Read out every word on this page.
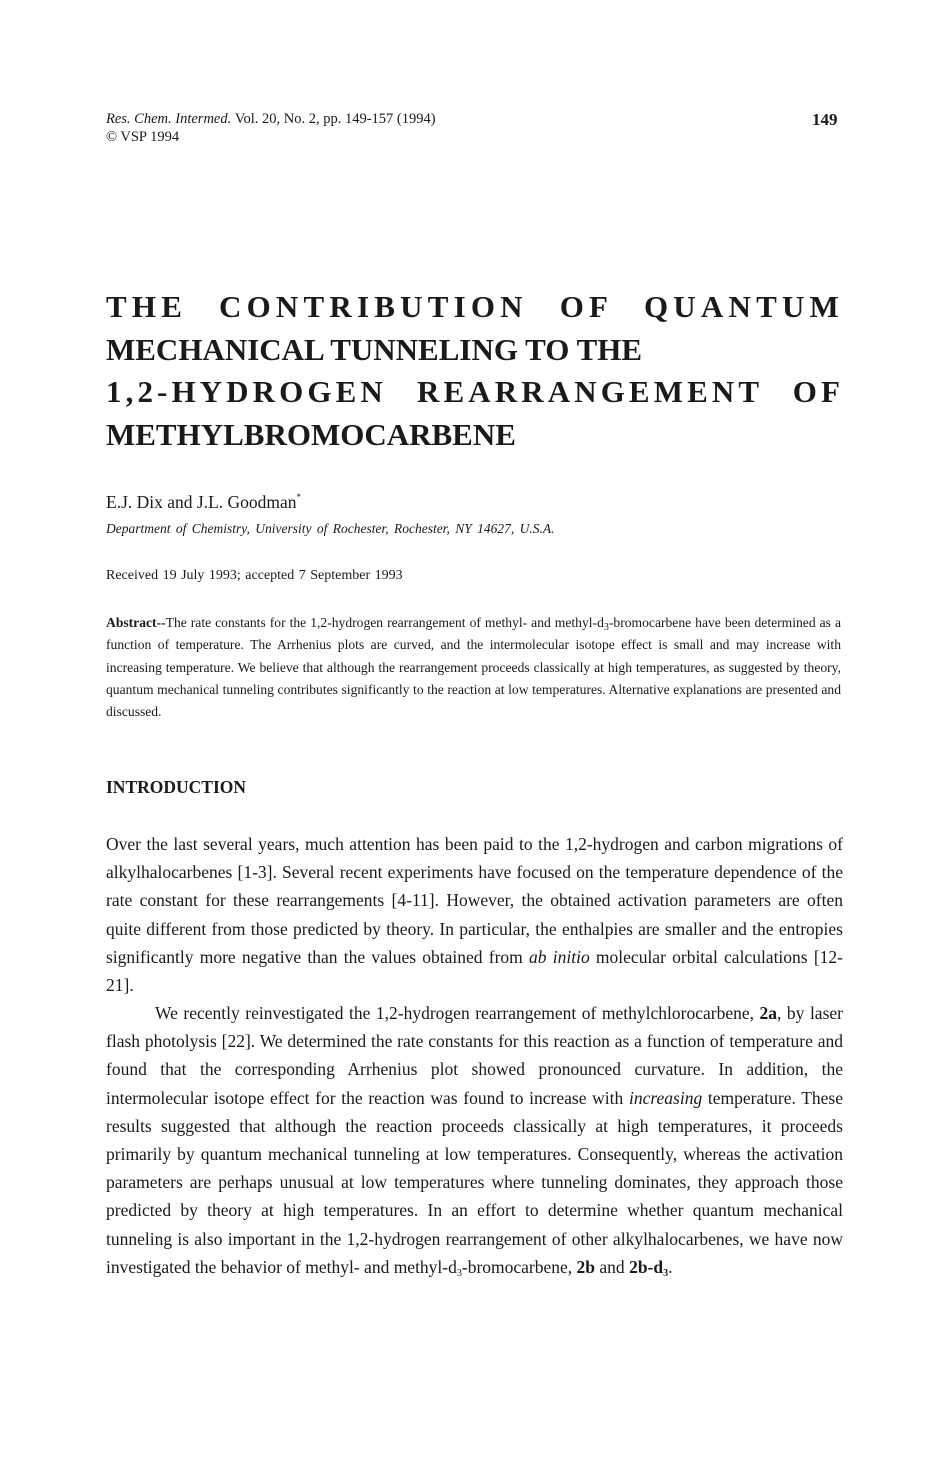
Res. Chem. Intermed. Vol. 20, No. 2, pp. 149-157 (1994)
© VSP 1994
149
THE CONTRIBUTION OF QUANTUM
MECHANICAL TUNNELING TO THE
1,2-HYDROGEN REARRANGEMENT OF
METHYLBROMOCARBENE
E.J. Dix and J.L. Goodman*
Department of Chemistry, University of Rochester, Rochester, NY 14627, U.S.A.
Received 19 July 1993; accepted 7 September 1993
Abstract--The rate constants for the 1,2-hydrogen rearrangement of methyl- and methyl-$d_3$-bromocarbene have been determined as a function of temperature. The Arrhenius plots are curved, and the intermolecular isotope effect is small and may increase with increasing temperature. We believe that although the rearrangement proceeds classically at high temperatures, as suggested by theory, quantum mechanical tunneling contributes significantly to the reaction at low temperatures. Alternative explanations are presented and discussed.
INTRODUCTION

Over the last several years, much attention has been paid to the 1,2-hydrogen and carbon migrations of alkylhalocarbenes [1-3]. Several recent experiments have focused on the temperature dependence of the rate constant for these rearrangements [4-11]. However, the obtained activation parameters are often quite different from those predicted by theory. In particular, the enthalpies are smaller and the entropies significantly more negative than the values obtained from ab initio molecular orbital calculations [12-21].

We recently reinvestigated the 1,2-hydrogen rearrangement of methylchlorocarbene, 2a, by laser flash photolysis [22]. We determined the rate constants for this reaction as a function of temperature and found that the corresponding Arrhenius plot showed pronounced curvature. In addition, the intermolecular isotope effect for the reaction was found to increase with increasing temperature. These results suggested that although the reaction proceeds classically at high temperatures, it proceeds primarily by quantum mechanical tunneling at low temperatures. Consequently, whereas the activation parameters are perhaps unusual at low temperatures where tunneling dominates, they approach those predicted by theory at high temperatures. In an effort to determine whether quantum mechanical tunneling is also important in the 1,2-hydrogen rearrangement of other alkylhalocarbenes, we have now investigated the behavior of methyl- and methyl-$d_3$-bromocarbene, 2b and $2b-d_3$.
